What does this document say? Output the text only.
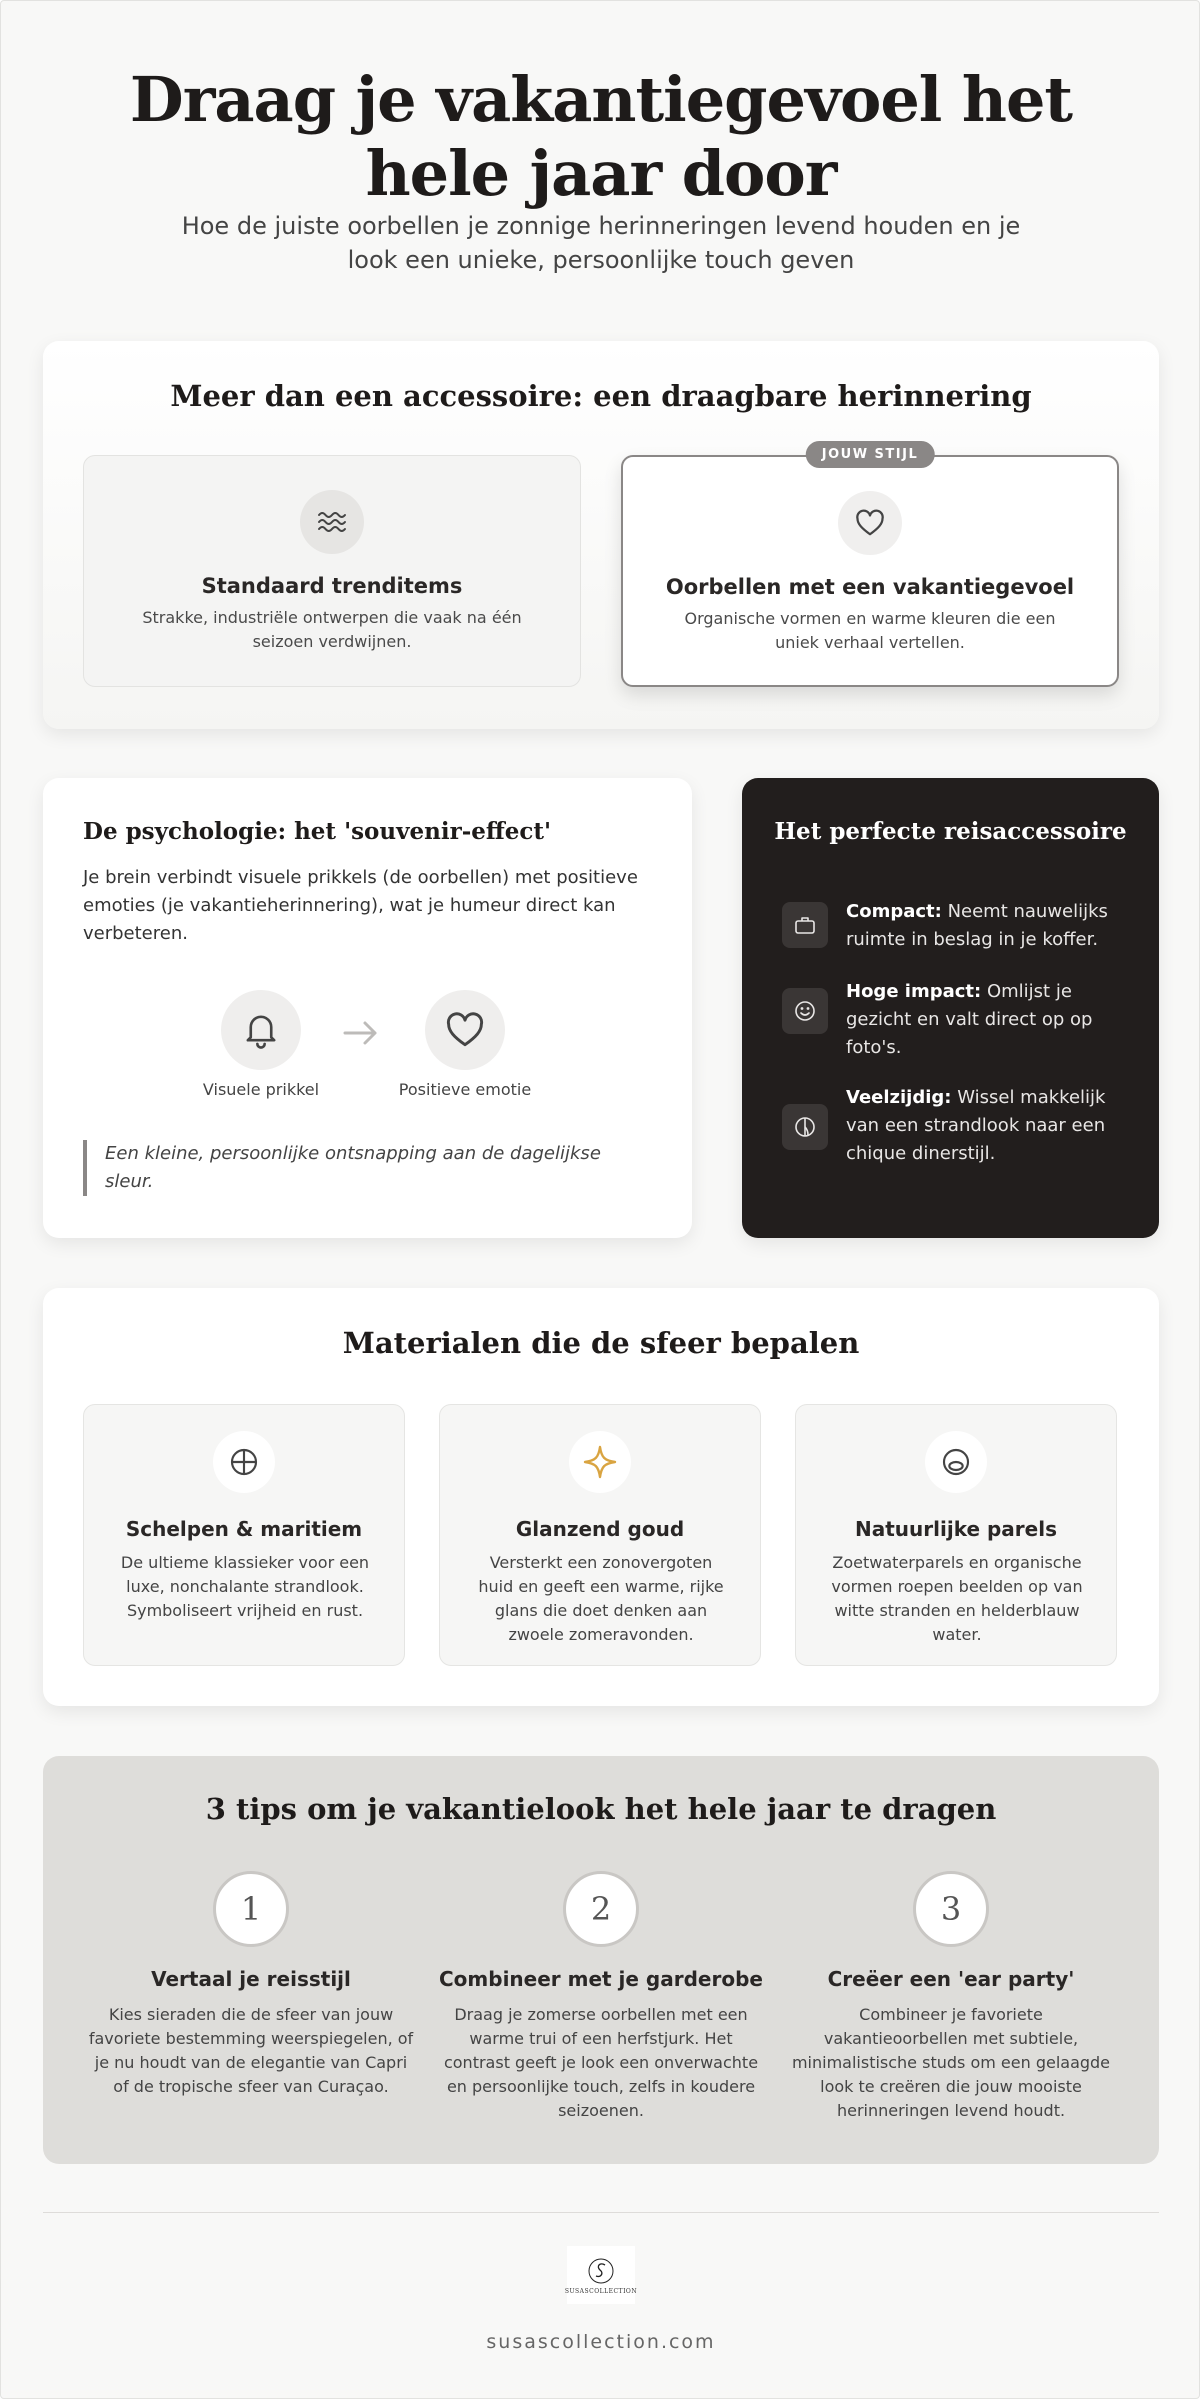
Draag je vakantiegevoel het hele jaar door

Hoe de juiste oorbellen je zonnige herinneringen levend houden en je look een unieke, persoonlijke touch geven

Meer dan een accessoire: een draagbare herinnering
Standaard trenditems

Strakke, industriële ontwerpen die vaak na één seizoen verdwijnen.

JOUW STIJL
Oorbellen met een vakantiegevoel

Organische vormen en warme kleuren die een uniek verhaal vertellen.

De psychologie: het 'souvenir-effect'

Je brein verbindt visuele prikkels (de oorbellen) met positieve emoties (je vakantieherinnering), wat je humeur direct kan verbeteren.

Visuele prikkel	Positieve emotie
Een kleine, persoonlijke ontsnapping aan de dagelijkse sleur.
Het perfecte reisaccessoire
Compact: Neemt nauwelijks ruimte in beslag in je koffer.
Hoge impact: Omlijst je gezicht en valt direct op op foto's.
Veelzijdig: Wissel makkelijk van een strandlook naar een chique dinerstijl.
Materialen die de sfeer bepalen
Schelpen & maritiem

De ultieme klassieker voor een luxe, nonchalante strandlook. Symboliseert vrijheid en rust.

Glanzend goud

Versterkt een zonovergoten huid en geeft een warme, rijke glans die doet denken aan zwoele zomeravonden.

Natuurlijke parels

Zoetwaterparels en organische vormen roepen beelden op van witte stranden en helderblauw water.

3 tips om je vakantielook het hele jaar te dragen
1
Vertaal je reisstijl

Kies sieraden die de sfeer van jouw favoriete bestemming weerspiegelen, of je nu houdt van de elegantie van Capri of de tropische sfeer van Curaçao.

2
Combineer met je garderobe

Draag je zomerse oorbellen met een warme trui of een herfstjurk. Het contrast geeft je look een onverwachte en persoonlijke touch, zelfs in koudere seizoenen.

3
Creëer een 'ear party'

Combineer je favoriete vakantieoorbellen met subtiele, minimalistische studs om een gelaagde look te creëren die jouw mooiste herinneringen levend houdt.

SUSASCOLLECTION
susascollection.com
